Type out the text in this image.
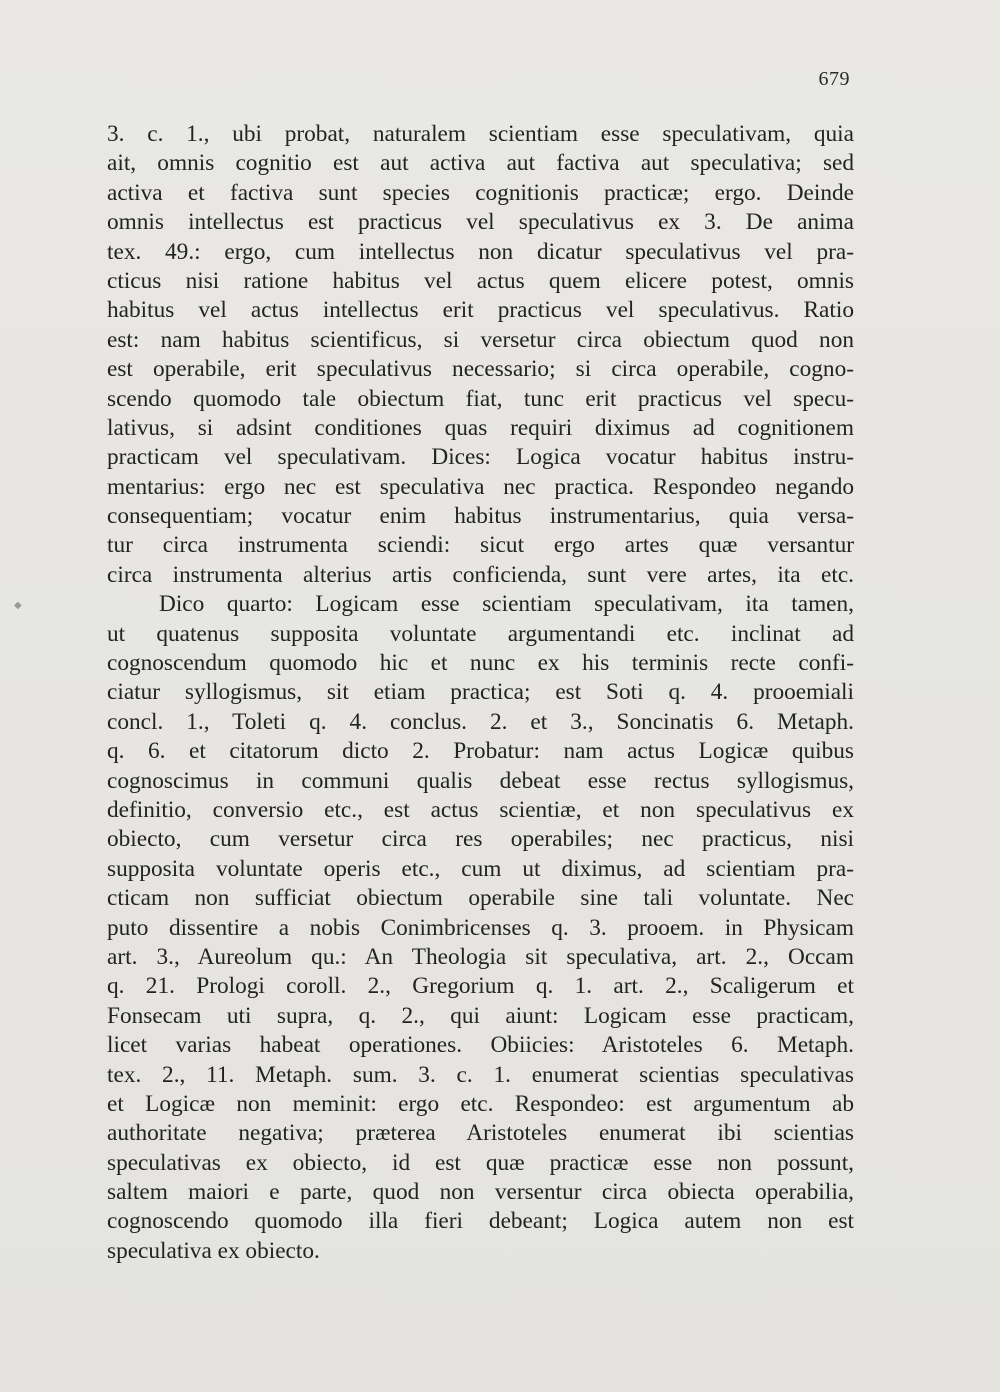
679
3. c. 1., ubi probat, naturalem scientiam esse speculativam, quia
ait, omnis cognitio est aut activa aut factiva aut speculativa; sed
activa et factiva sunt species cognitionis practicæ; ergo. Deinde
omnis intellectus est practicus vel speculativus ex 3. De anima
tex. 49.: ergo, cum intellectus non dicatur speculativus vel pra-
cticus nisi ratione habitus vel actus quem elicere potest, omnis
habitus vel actus intellectus erit practicus vel speculativus. Ratio
est: nam habitus scientificus, si versetur circa obiectum quod non
est operabile, erit speculativus necessario; si circa operabile, cogno-
scendo quomodo tale obiectum fiat, tunc erit practicus vel specu-
lativus, si adsint conditiones quas requiri diximus ad cognitionem
practicam vel speculativam. Dices: Logica vocatur habitus instru-
mentarius: ergo nec est speculativa nec practica. Respondeo negando
consequentiam; vocatur enim habitus instrumentarius, quia versa-
tur circa instrumenta sciendi: sicut ergo artes quæ versantur
circa instrumenta alterius artis conficienda, sunt vere artes, ita etc.
Dico quarto: Logicam esse scientiam speculativam, ita tamen,
ut quatenus supposita voluntate argumentandi etc. inclinat ad
cognoscendum quomodo hic et nunc ex his terminis recte confi-
ciatur syllogismus, sit etiam practica; est Soti q. 4. prooemiali
concl. 1., Toleti q. 4. conclus. 2. et 3., Soncinatis 6. Metaph.
q. 6. et citatorum dicto 2. Probatur: nam actus Logicæ quibus
cognoscimus in communi qualis debeat esse rectus syllogismus,
definitio, conversio etc., est actus scientiæ, et non speculativus ex
obiecto, cum versetur circa res operabiles; nec practicus, nisi
supposita voluntate operis etc., cum ut diximus, ad scientiam pra-
cticam non sufficiat obiectum operabile sine tali voluntate. Nec
puto dissentire a nobis Conimbricenses q. 3. prooem. in Physicam
art. 3., Aureolum qu.: An Theologia sit speculativa, art. 2., Occam
q. 21. Prologi coroll. 2., Gregorium q. 1. art. 2., Scaligerum et
Fonsecam uti supra, q. 2., qui aiunt: Logicam esse practicam,
licet varias habeat operationes. Obiicies: Aristoteles 6. Metaph.
tex. 2., 11. Metaph. sum. 3. c. 1. enumerat scientias speculativas
et Logicæ non meminit: ergo etc. Respondeo: est argumentum ab
authoritate negativa; præterea Aristoteles enumerat ibi scientias
speculativas ex obiecto, id est quæ practicæ esse non possunt,
saltem maiori e parte, quod non versentur circa obiecta operabilia,
cognoscendo quomodo illa fieri debeant; Logica autem non est
speculativa ex obiecto.
◆
